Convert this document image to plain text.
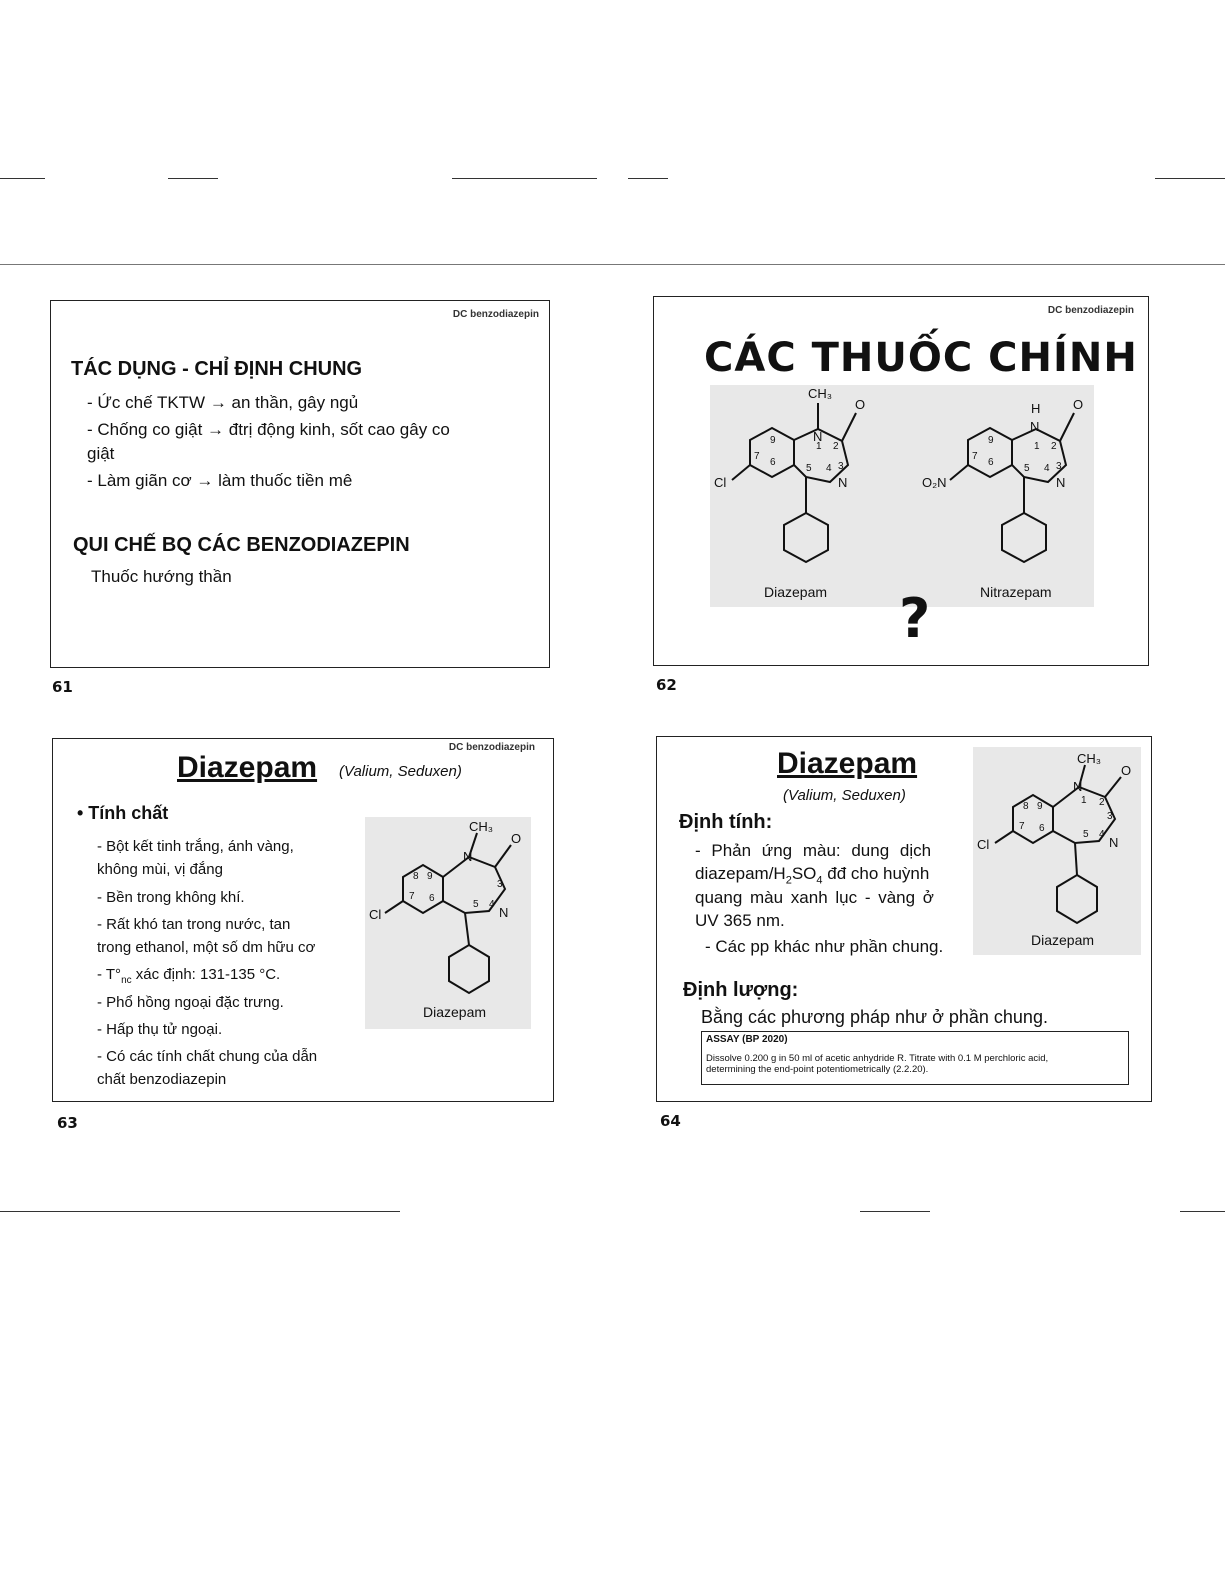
DC benzodiazepin
TÁC DỤNG - CHỈ ĐỊNH CHUNG
- Ức chế TKTW → an thần, gây ngủ
- Chống co giật → đtrị động kinh, sốt cao gây co
giật
- Làm giãn cơ → làm thuốc tiền mê
QUI CHẾ BQ CÁC BENZODIAZEPIN
Thuốc hướng thần
61
DC benzodiazepin
CÁC THUỐC CHÍNH
CH₃
N
O
N
Cl
9
7
6
1 2
3
5 4
Diazepam
H
N
O
N
O₂N
9
7
6
1 2
3
5 4
Nitrazepam
?
62
DC benzodiazepin
Diazepam (Valium, Seduxen)
• Tính chất
- Bột kết tinh trắng, ánh vàng,
không mùi, vị đắng
- Bền trong không khí.
- Rất khó tan trong nước, tan
trong ethanol, một số dm hữu cơ
- $T^\circ_{nc}$ xác định: 131-135 °C.
- Phổ hồng ngoại đặc trưng.
- Hấp thụ tử ngoại.
- Có các tính chất chung của dẫn
chất benzodiazepin
CH₃
N
O
N
Cl
8 9
7 6
3
5 4
Diazepam
63
Diazepam
(Valium, Seduxen)
Định tính:
- Phản ứng màu: dung dịch
diazepam/$H_2SO_4$ đđ cho huỳnh
quang màu xanh lục - vàng ở
UV 365 nm.
- Các pp khác như phần chung.
Định lượng:
Bằng các phương pháp như ở phần chung.
ASSAY (BP 2020)
Dissolve 0.200 g in 50 ml of acetic anhydride R. Titrate with 0.1 M perchloric acid,
determining the end-point potentiometrically (2.2.20).
CH₃
N
O
N
Cl
8 9
7 6
1 2
3
5 4
Diazepam
64
